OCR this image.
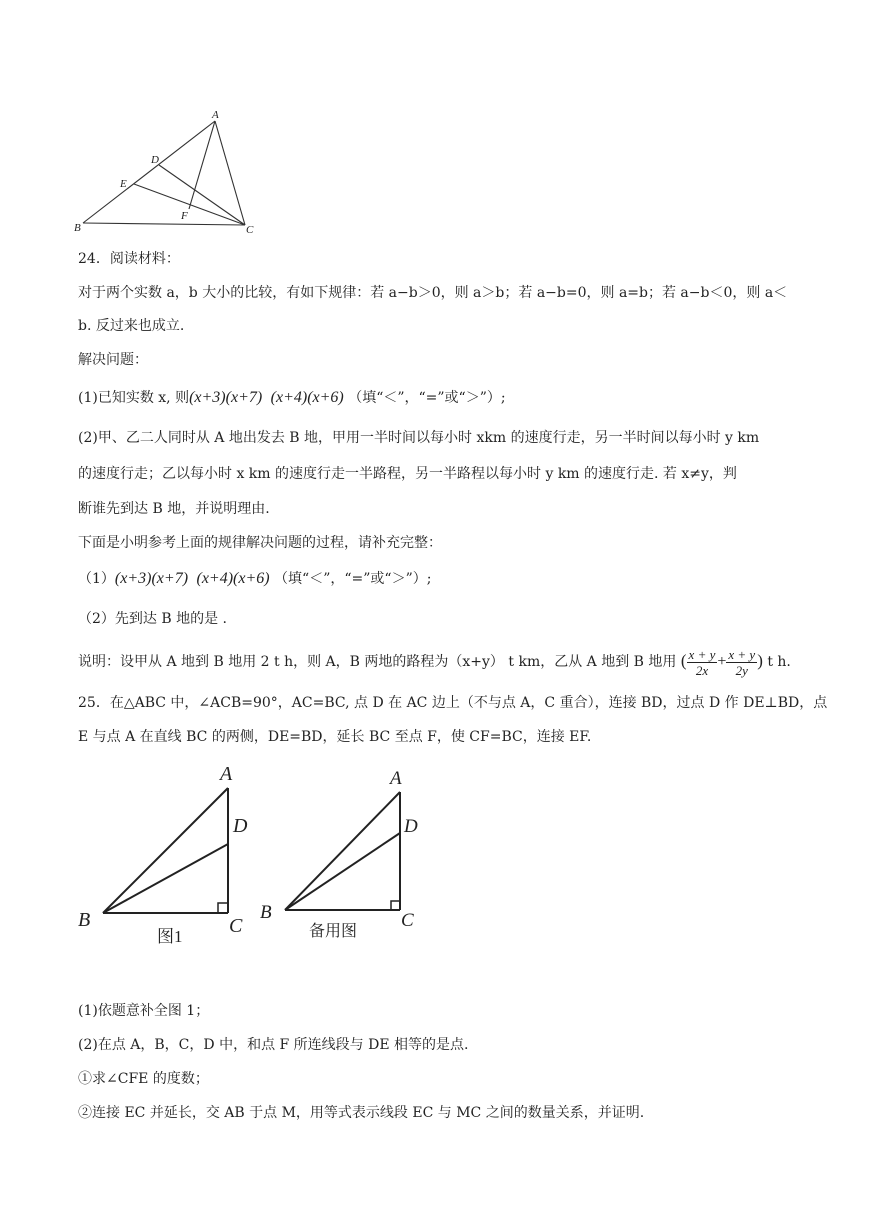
A
D
E
F
B	C
24．阅读材料：
对于两个实数 a，b 大小的比较，有如下规律：若 a−b＞0，则 a＞b；若 a−b=0，则 a=b；若 a−b＜0，则 a＜
b. 反过来也成立.
解决问题：
(1)已知实数 x, 则(x+3)(x+7) (x+4)(x+6) （填“＜”，“=”或“＞”）;
(2)甲、乙二人同时从 A 地出发去 B 地，甲用一半时间以每小时 xkm 的速度行走，另一半时间以每小时 y km
的速度行走；乙以每小时 x km 的速度行走一半路程，另一半路程以每小时 y km 的速度行走. 若 x≠y，判
断谁先到达 B 地，并说明理由.
下面是小明参考上面的规律解决问题的过程，请补充完整：
（1）(x+3)(x+7) (x+4)(x+6) （填“＜”，“=”或“＞”）;
（2）先到达 B 地的是 .
说明：设甲从 A 地到 B 地用 2 t h，则 A，B 两地的路程为（x+y） t km，乙从 A 地到 B 地用 ( $\frac{x + y}{2x} + \frac{x + y}{2y}$ ) t h.
25．在△ABC 中，∠ACB=90°，AC=BC, 点 D 在 AC 边上（不与点 A，C 重合），连接 BD，过点 D 作 DE⊥BD，点
E 与点 A 在直线 BC 的两侧，DE=BD，延长 BC 至点 F，使 CF=BC，连接 EF.
A
D
B	C
图1
A
D
B	C
备用图
(1)依题意补全图 1；
(2)在点 A，B，C，D 中，和点 F 所连线段与 DE 相等的是点.
①求∠CFE 的度数；
②连接 EC 并延长，交 AB 于点 M，用等式表示线段 EC 与 MC 之间的数量关系，并证明.
